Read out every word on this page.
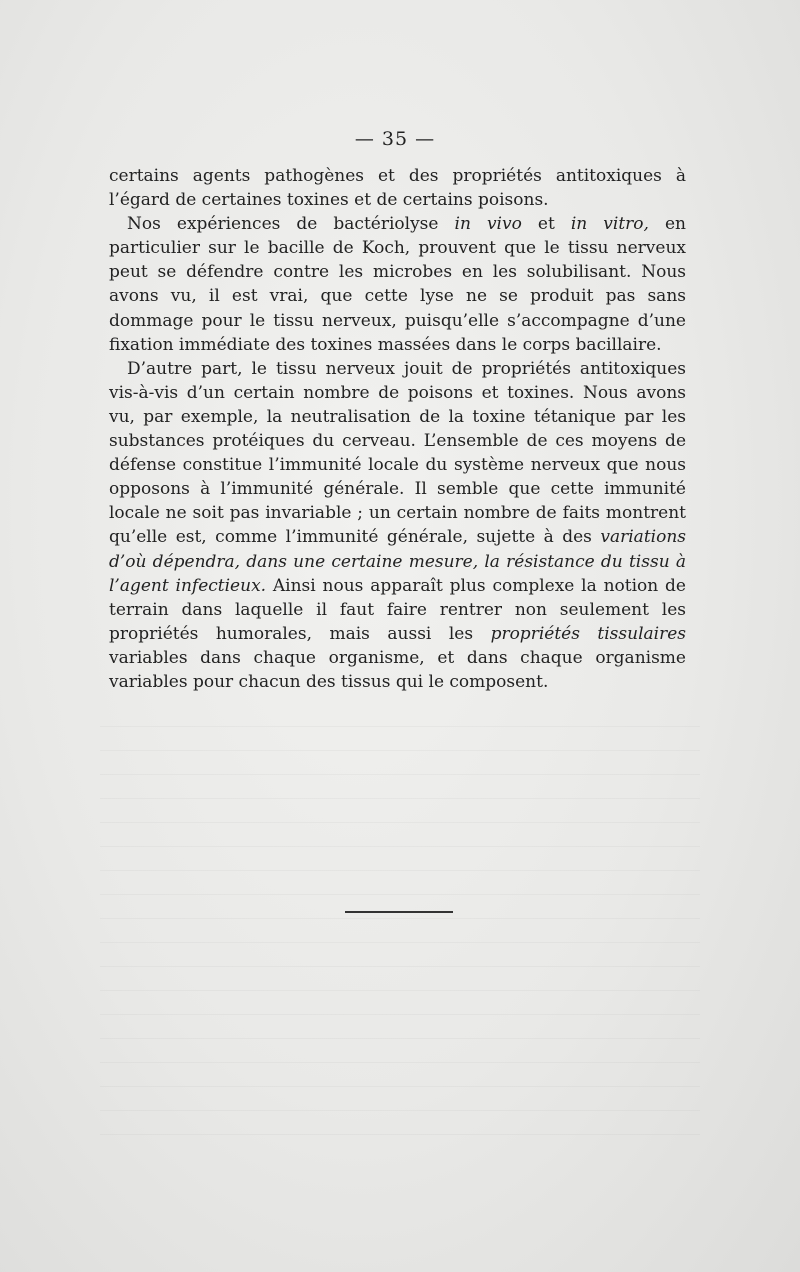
— 35 —

certains agents pathogènes et des propriétés antitoxiques à l’égard de certaines toxines et de certains poisons.

Nos expériences de bactériolyse in vivo et in vitro, en particulier sur le bacille de Koch, prouvent que le tissu nerveux peut se défendre contre les microbes en les solubilisant. Nous avons vu, il est vrai, que cette lyse ne se produit pas sans dommage pour le tissu nerveux, puisqu’elle s’accompagne d’une fixation immédiate des toxines massées dans le corps bacillaire.

D’autre part, le tissu nerveux jouit de propriétés antitoxiques vis-à-vis d’un certain nombre de poisons et toxines. Nous avons vu, par exemple, la neutralisation de la toxine tétanique par les substances protéiques du cerveau. L’ensemble de ces moyens de défense constitue l’immunité locale du système nerveux que nous opposons à l’immunité générale. Il semble que cette immunité locale ne soit pas invariable ; un certain nombre de faits montrent qu’elle est, comme l’immunité générale, sujette à des variations d’où dépendra, dans une certaine mesure, la résistance du tissu à l’agent infectieux. Ainsi nous apparaît plus complexe la notion de terrain dans laquelle il faut faire rentrer non seulement les propriétés humorales, mais aussi les propriétés tissulaires variables dans chaque organisme, et dans chaque organisme variables pour chacun des tissus qui le composent.
